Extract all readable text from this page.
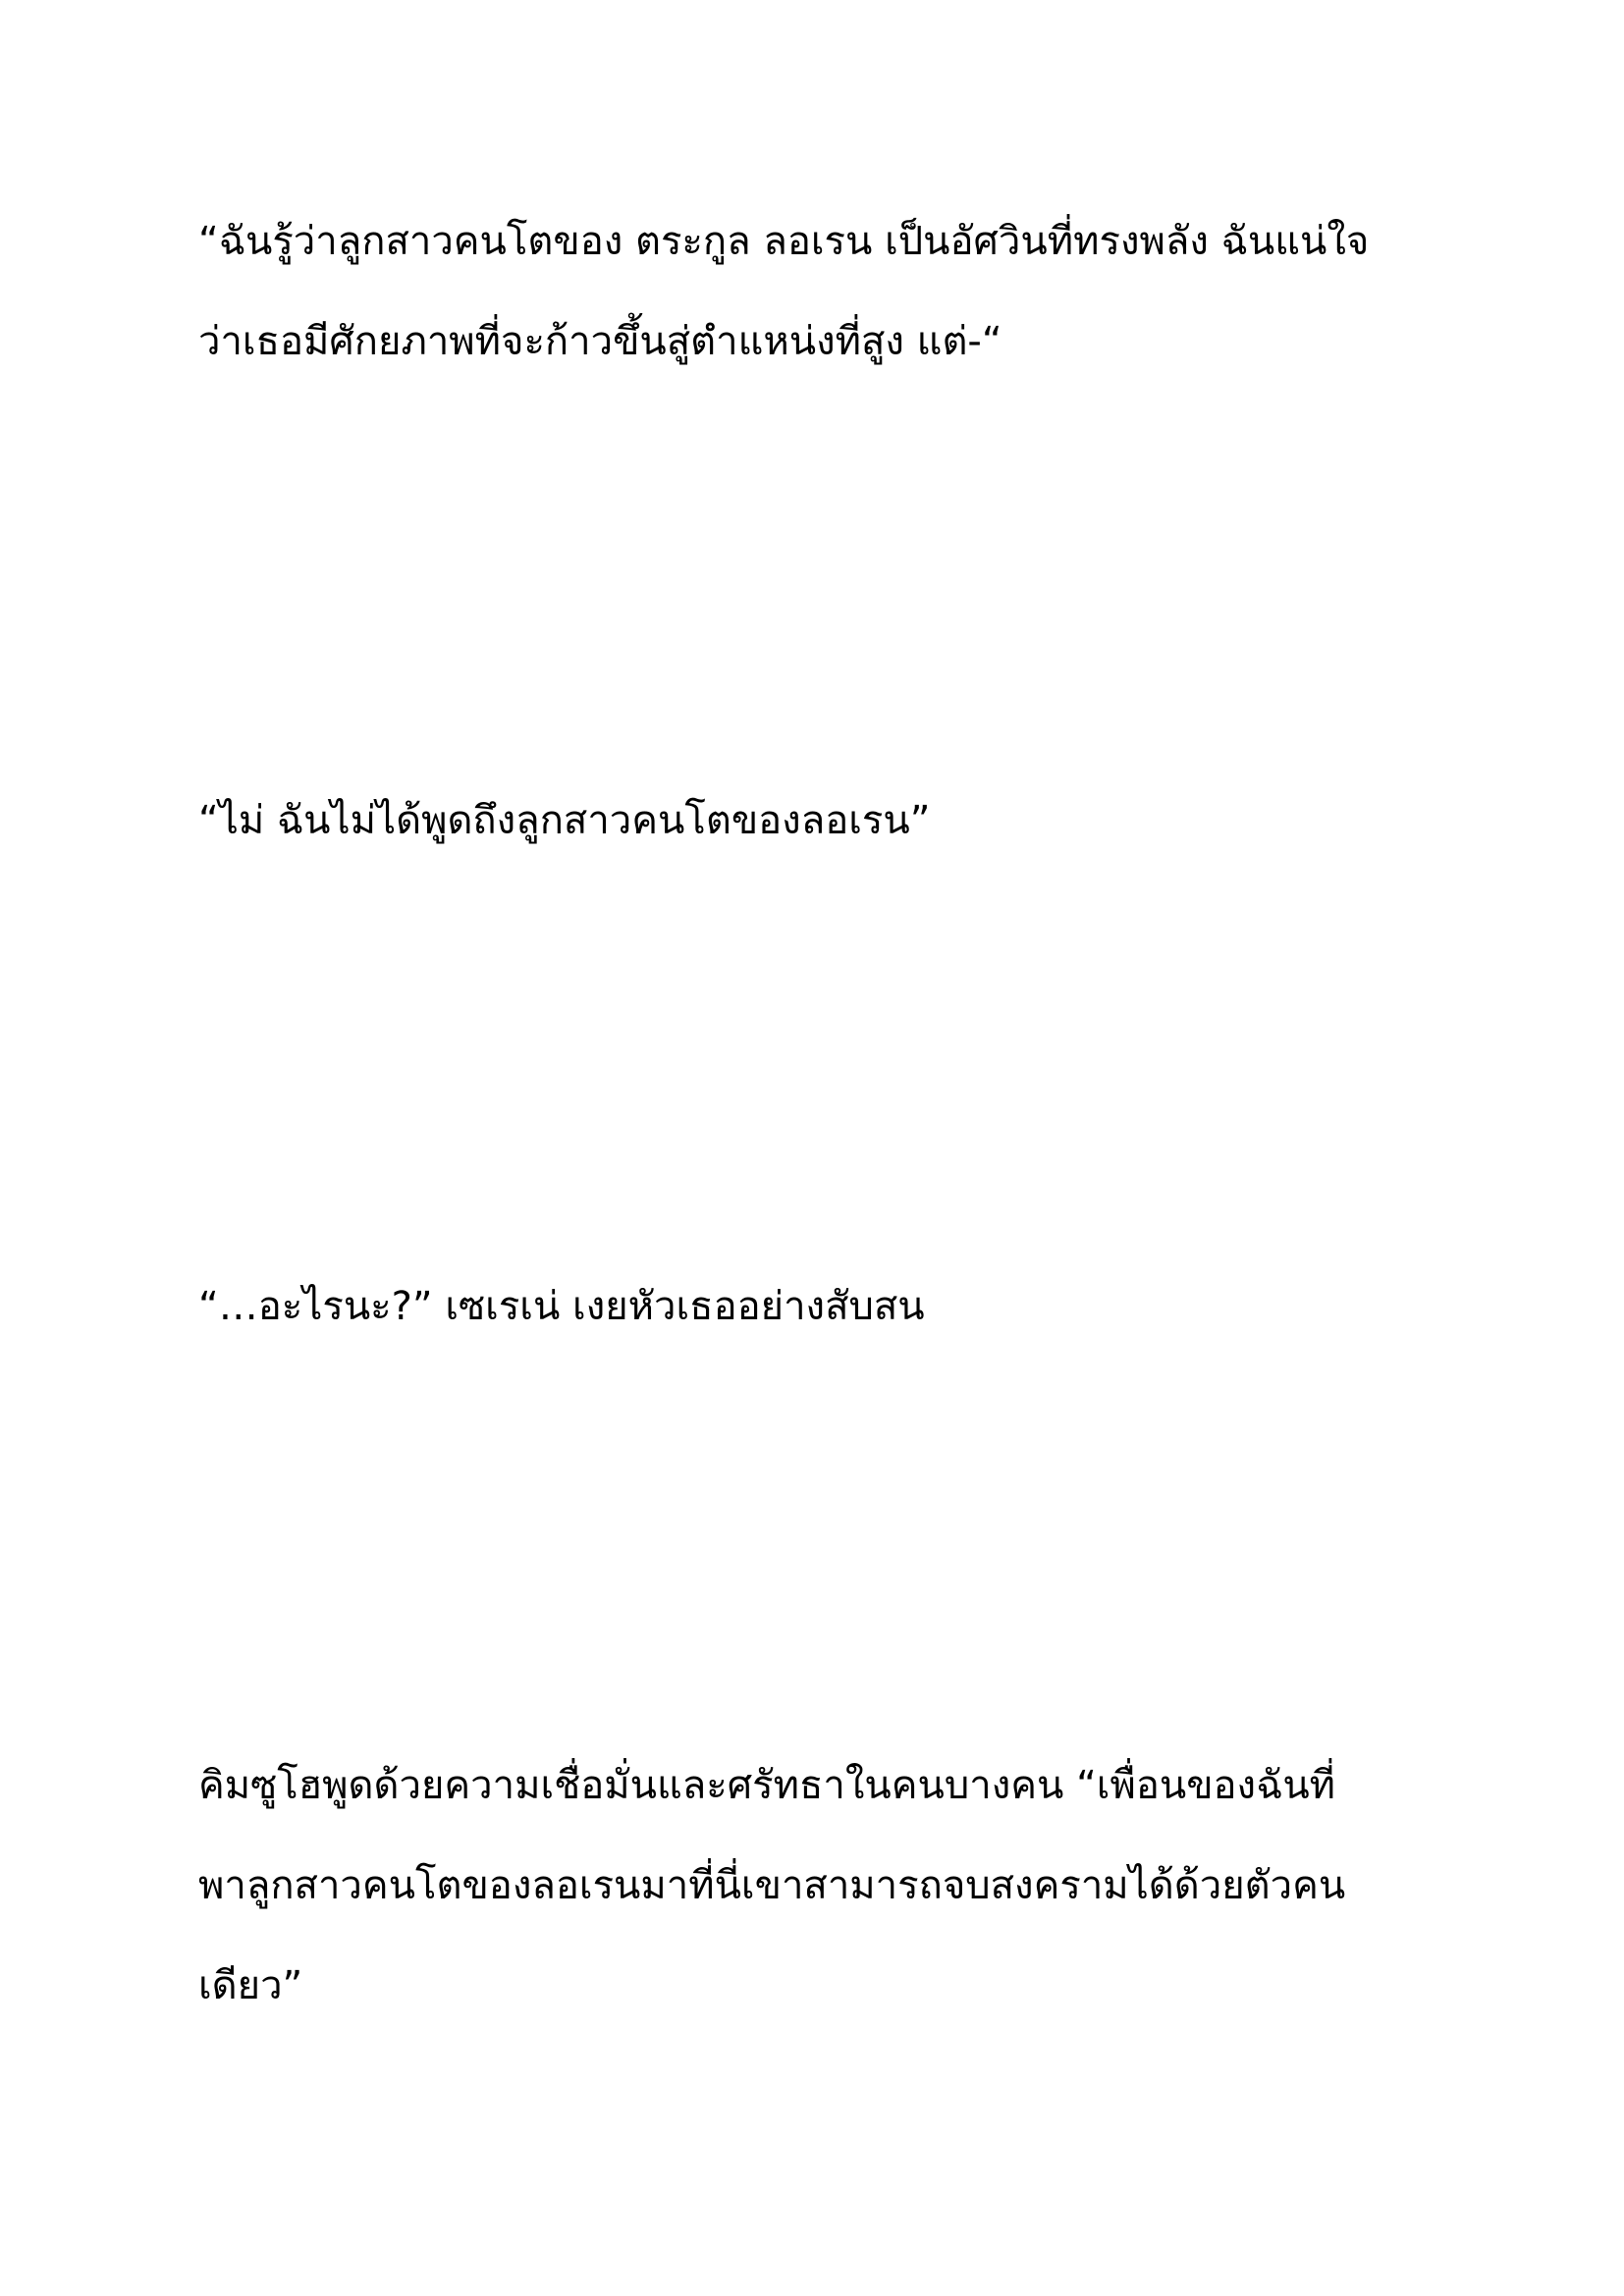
“ฉันรู้ว่าลูกสาวคนโตของ ตระกูล ลอเรน เป็นอัศวินที่ทรงพลัง ฉันแน่ใจ
ว่าเธอมีศักยภาพที่จะก้าวขึ้นสู่ตำแหน่งที่สูง แต่-“

“ไม่ ฉันไม่ได้พูดถึงลูกสาวคนโตของลอเรน”

“…อะไรนะ?” เซเรเน่ เงยหัวเธออย่างสับสน

คิมซูโฮพูดด้วยความเชื่อมั่นและศรัทธาในคนบางคน “เพื่อนของฉันที่
พาลูกสาวคนโตของลอเรนมาที่นี่เขาสามารถจบสงครามได้ด้วยตัวคน
เดียว”
